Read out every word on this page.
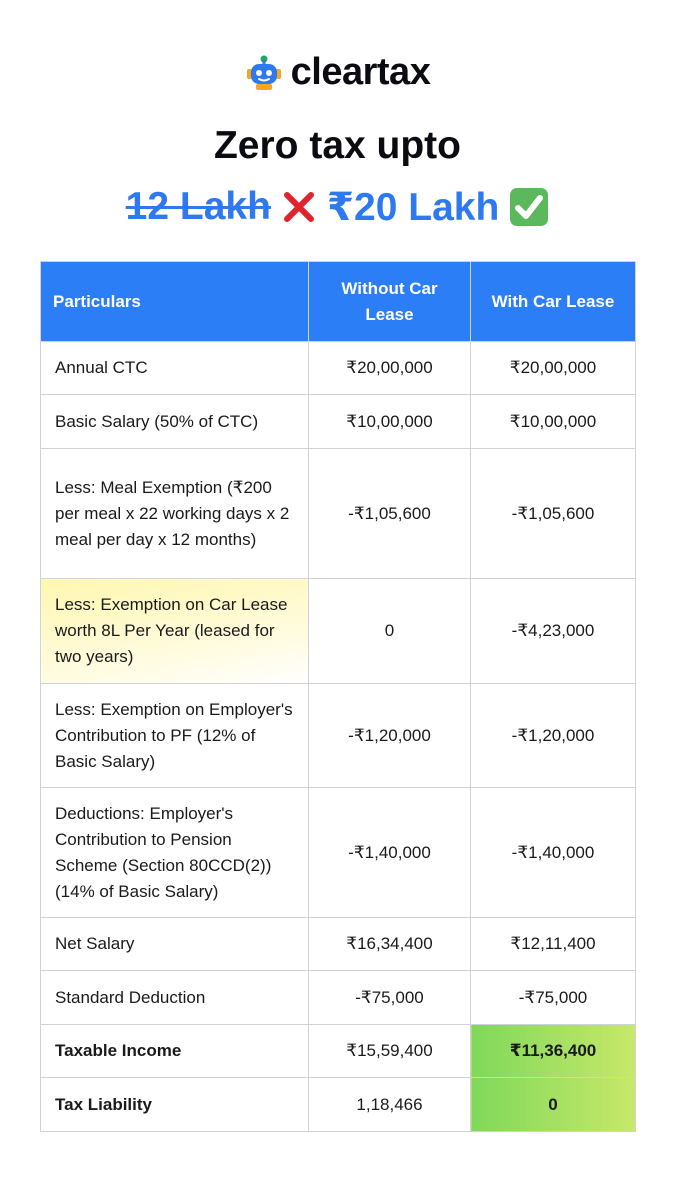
cleartax
Zero tax upto
12 Lakh ₹20 Lakh
Particulars	Without Car Lease	With Car Lease
Annual CTC	₹20,00,000	₹20,00,000
Basic Salary (50% of CTC)	₹10,00,000	₹10,00,000
Less: Meal Exemption (₹200 per meal x 22 working days x 2 meal per day x 12 months)	-₹1,05,600	-₹1,05,600
Less: Exemption on Car Lease worth 8L Per Year (leased for two years)	0	-₹4,23,000
Less: Exemption on Employer's Contribution to PF (12% of Basic Salary)	-₹1,20,000	-₹1,20,000
Deductions: Employer's Contribution to Pension Scheme (Section 80CCD(2)) (14% of Basic Salary)	-₹1,40,000	-₹1,40,000
Net Salary	₹16,34,400	₹12,11,400
Standard Deduction	-₹75,000	-₹75,000
Taxable Income	₹15,59,400	₹11,36,400
Tax Liability	1,18,466	0
